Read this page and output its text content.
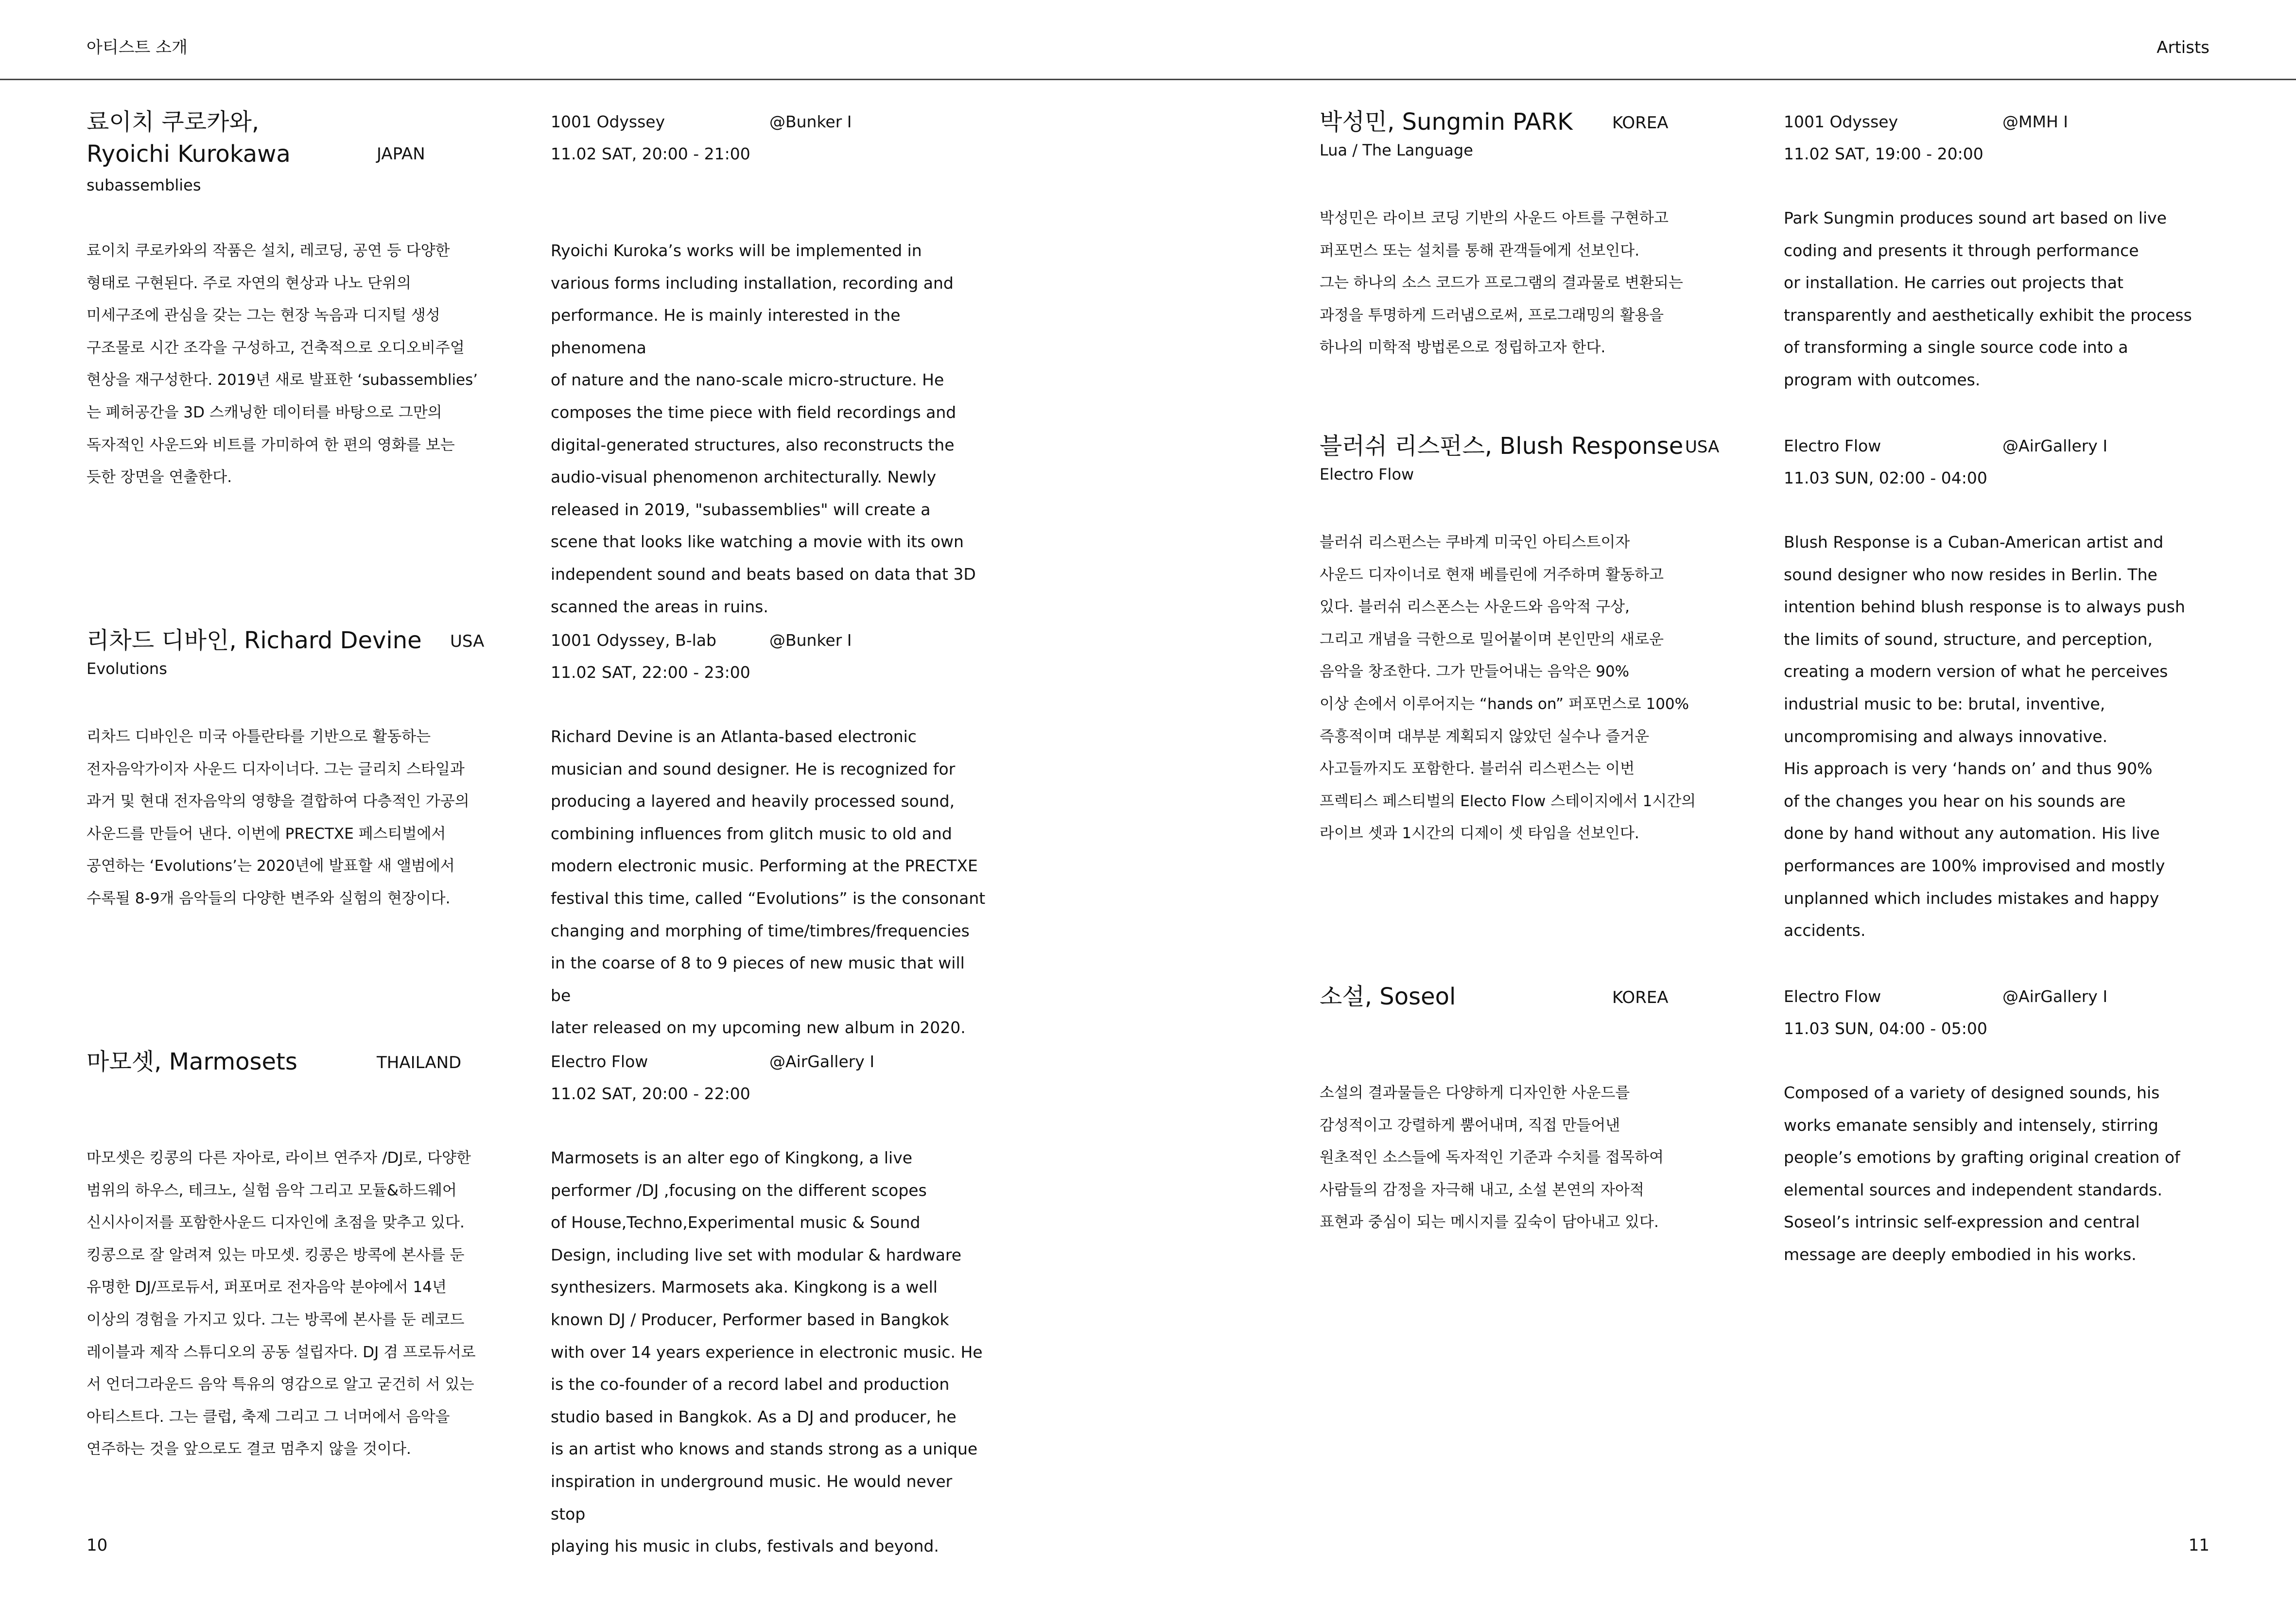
아티스트 소개	Artists
료이치 쿠로카와,
Ryoichi Kurokawa	JAPAN
subassemblies
1001 Odyssey
11.02 SAT, 20:00 - 21:00
@Bunker I

료이치 쿠로카와의 작품은 설치, 레코딩, 공연 등 다양한
형태로 구현된다. 주로 자연의 현상과 나노 단위의
미세구조에 관심을 갖는 그는 현장 녹음과 디지털 생성
구조물로 시간 조각을 구성하고, 건축적으로 오디오비주얼
현상을 재구성한다. 2019년 새로 발표한 ‘subassemblies’
는 폐허공간을 3D 스캐닝한 데이터를 바탕으로 그만의
독자적인 사운드와 비트를 가미하여 한 편의 영화를 보는
듯한 장면을 연출한다.

Ryoichi Kuroka’s works will be implemented in
various forms including installation, recording and
performance. He is mainly interested in the phenomena
of nature and the nano-scale micro-structure. He
composes the time piece with field recordings and
digital-generated structures, also reconstructs the
audio-visual phenomenon architecturally. Newly
released in 2019, "subassemblies" will create a
scene that looks like watching a movie with its own
independent sound and beats based on data that 3D
scanned the areas in ruins.

리차드 디바인, Richard Devine USA
Evolutions
1001 Odyssey, B-lab
11.02 SAT, 22:00 - 23:00
@Bunker I

리차드 디바인은 미국 아틀란타를 기반으로 활동하는
전자음악가이자 사운드 디자이너다. 그는 글리치 스타일과
과거 및 현대 전자음악의 영향을 결합하여 다층적인 가공의
사운드를 만들어 낸다. 이번에 PRECTXE 페스티벌에서
공연하는 ‘Evolutions’는 2020년에 발표할 새 앨범에서
수록될 8-9개 음악들의 다양한 변주와 실험의 현장이다.

Richard Devine is an Atlanta-based electronic
musician and sound designer. He is recognized for
producing a layered and heavily processed sound,
combining influences from glitch music to old and
modern electronic music. Performing at the PRECTXE
festival this time, called “Evolutions” is the consonant
changing and morphing of time/timbres/frequencies
in the coarse of 8 to 9 pieces of new music that will be
later released on my upcoming new album in 2020.

마모셋, Marmosets	THAILAND	Electro Flow
11.02 SAT, 20:00 - 22:00
@AirGallery I

마모셋은 킹콩의 다른 자아로, 라이브 연주자 /DJ로, 다양한
범위의 하우스, 테크노, 실험 음악 그리고 모듈&하드웨어
신시사이저를 포함한사운드 디자인에 초점을 맞추고 있다.
킹콩으로 잘 알려져 있는 마모셋. 킹콩은 방콕에 본사를 둔
유명한 DJ/프로듀서, 퍼포머로 전자음악 분야에서 14년
이상의 경험을 가지고 있다. 그는 방콕에 본사를 둔 레코드
레이블과 제작 스튜디오의 공동 설립자다. DJ 겸 프로듀서로
서 언더그라운드 음악 특유의 영감으로 알고 굳건히 서 있는
아티스트다. 그는 클럽, 축제 그리고 그 너머에서 음악을
연주하는 것을 앞으로도 결코 멈추지 않을 것이다.

Marmosets is an alter ego of Kingkong, a live
performer /DJ ,focusing on the different scopes
of House,Techno,Experimental music & Sound
Design, including live set with modular & hardware
synthesizers. Marmosets aka. Kingkong is a well
known DJ / Producer, Performer based in Bangkok
with over 14 years experience in electronic music. He
is the co-founder of a record label and production
studio based in Bangkok. As a DJ and producer, he
is an artist who knows and stands strong as a unique
inspiration in underground music. He would never stop
playing his music in clubs, festivals and beyond.

10
박성민, Sungmin PARK KOREA
Lua / The Language
1001 Odyssey
11.02 SAT, 19:00 - 20:00
@MMH I

박성민은 라이브 코딩 기반의 사운드 아트를 구현하고
퍼포먼스 또는 설치를 통해 관객들에게 선보인다.
그는 하나의 소스 코드가 프로그램의 결과물로 변환되는
과정을 투명하게 드러냄으로써, 프로그래밍의 활용을
하나의 미학적 방법론으로 정립하고자 한다.

Park Sungmin produces sound art based on live
coding and presents it through performance
or installation. He carries out projects that
transparently and aesthetically exhibit the process
of transforming a single source code into a
program with outcomes.

블러쉬 리스펀스, Blush Response USA
Electro Flow
Electro Flow
11.03 SUN, 02:00 - 04:00
@AirGallery I

블러쉬 리스펀스는 쿠바계 미국인 아티스트이자
사운드 디자이너로 현재 베를린에 거주하며 활동하고
있다. 블러쉬 리스폰스는 사운드와 음악적 구상,
그리고 개념을 극한으로 밀어붙이며 본인만의 새로운
음악을 창조한다. 그가 만들어내는 음악은 90%
이상 손에서 이루어지는 “hands on” 퍼포먼스로 100%
즉흥적이며 대부분 계획되지 않았던 실수나 즐거운
사고들까지도 포함한다. 블러쉬 리스펀스는 이번
프렉티스 페스티벌의 Electo Flow 스테이지에서 1시간의
라이브 셋과 1시간의 디제이 셋 타임을 선보인다.

Blush Response is a Cuban-American artist and
sound designer who now resides in Berlin. The
intention behind blush response is to always push
the limits of sound, structure, and perception,
creating a modern version of what he perceives
industrial music to be: brutal, inventive,
uncompromising and always innovative.
His approach is very ‘hands on’ and thus 90%
of the changes you hear on his sounds are
done by hand without any automation. His live
performances are 100% improvised and mostly
unplanned which includes mistakes and happy
accidents.

소설, Soseol	KOREA	Electro Flow
11.03 SUN, 04:00 - 05:00
@AirGallery I

소설의 결과물들은 다양하게 디자인한 사운드를
감성적이고 강렬하게 뿜어내며, 직접 만들어낸
원초적인 소스들에 독자적인 기준과 수치를 접목하여
사람들의 감정을 자극해 내고, 소설 본연의 자아적
표현과 중심이 되는 메시지를 깊숙이 담아내고 있다.

Composed of a variety of designed sounds, his
works emanate sensibly and intensely, stirring
people’s emotions by grafting original creation of
elemental sources and independent standards.
Soseol’s intrinsic self-expression and central
message are deeply embodied in his works.

11
